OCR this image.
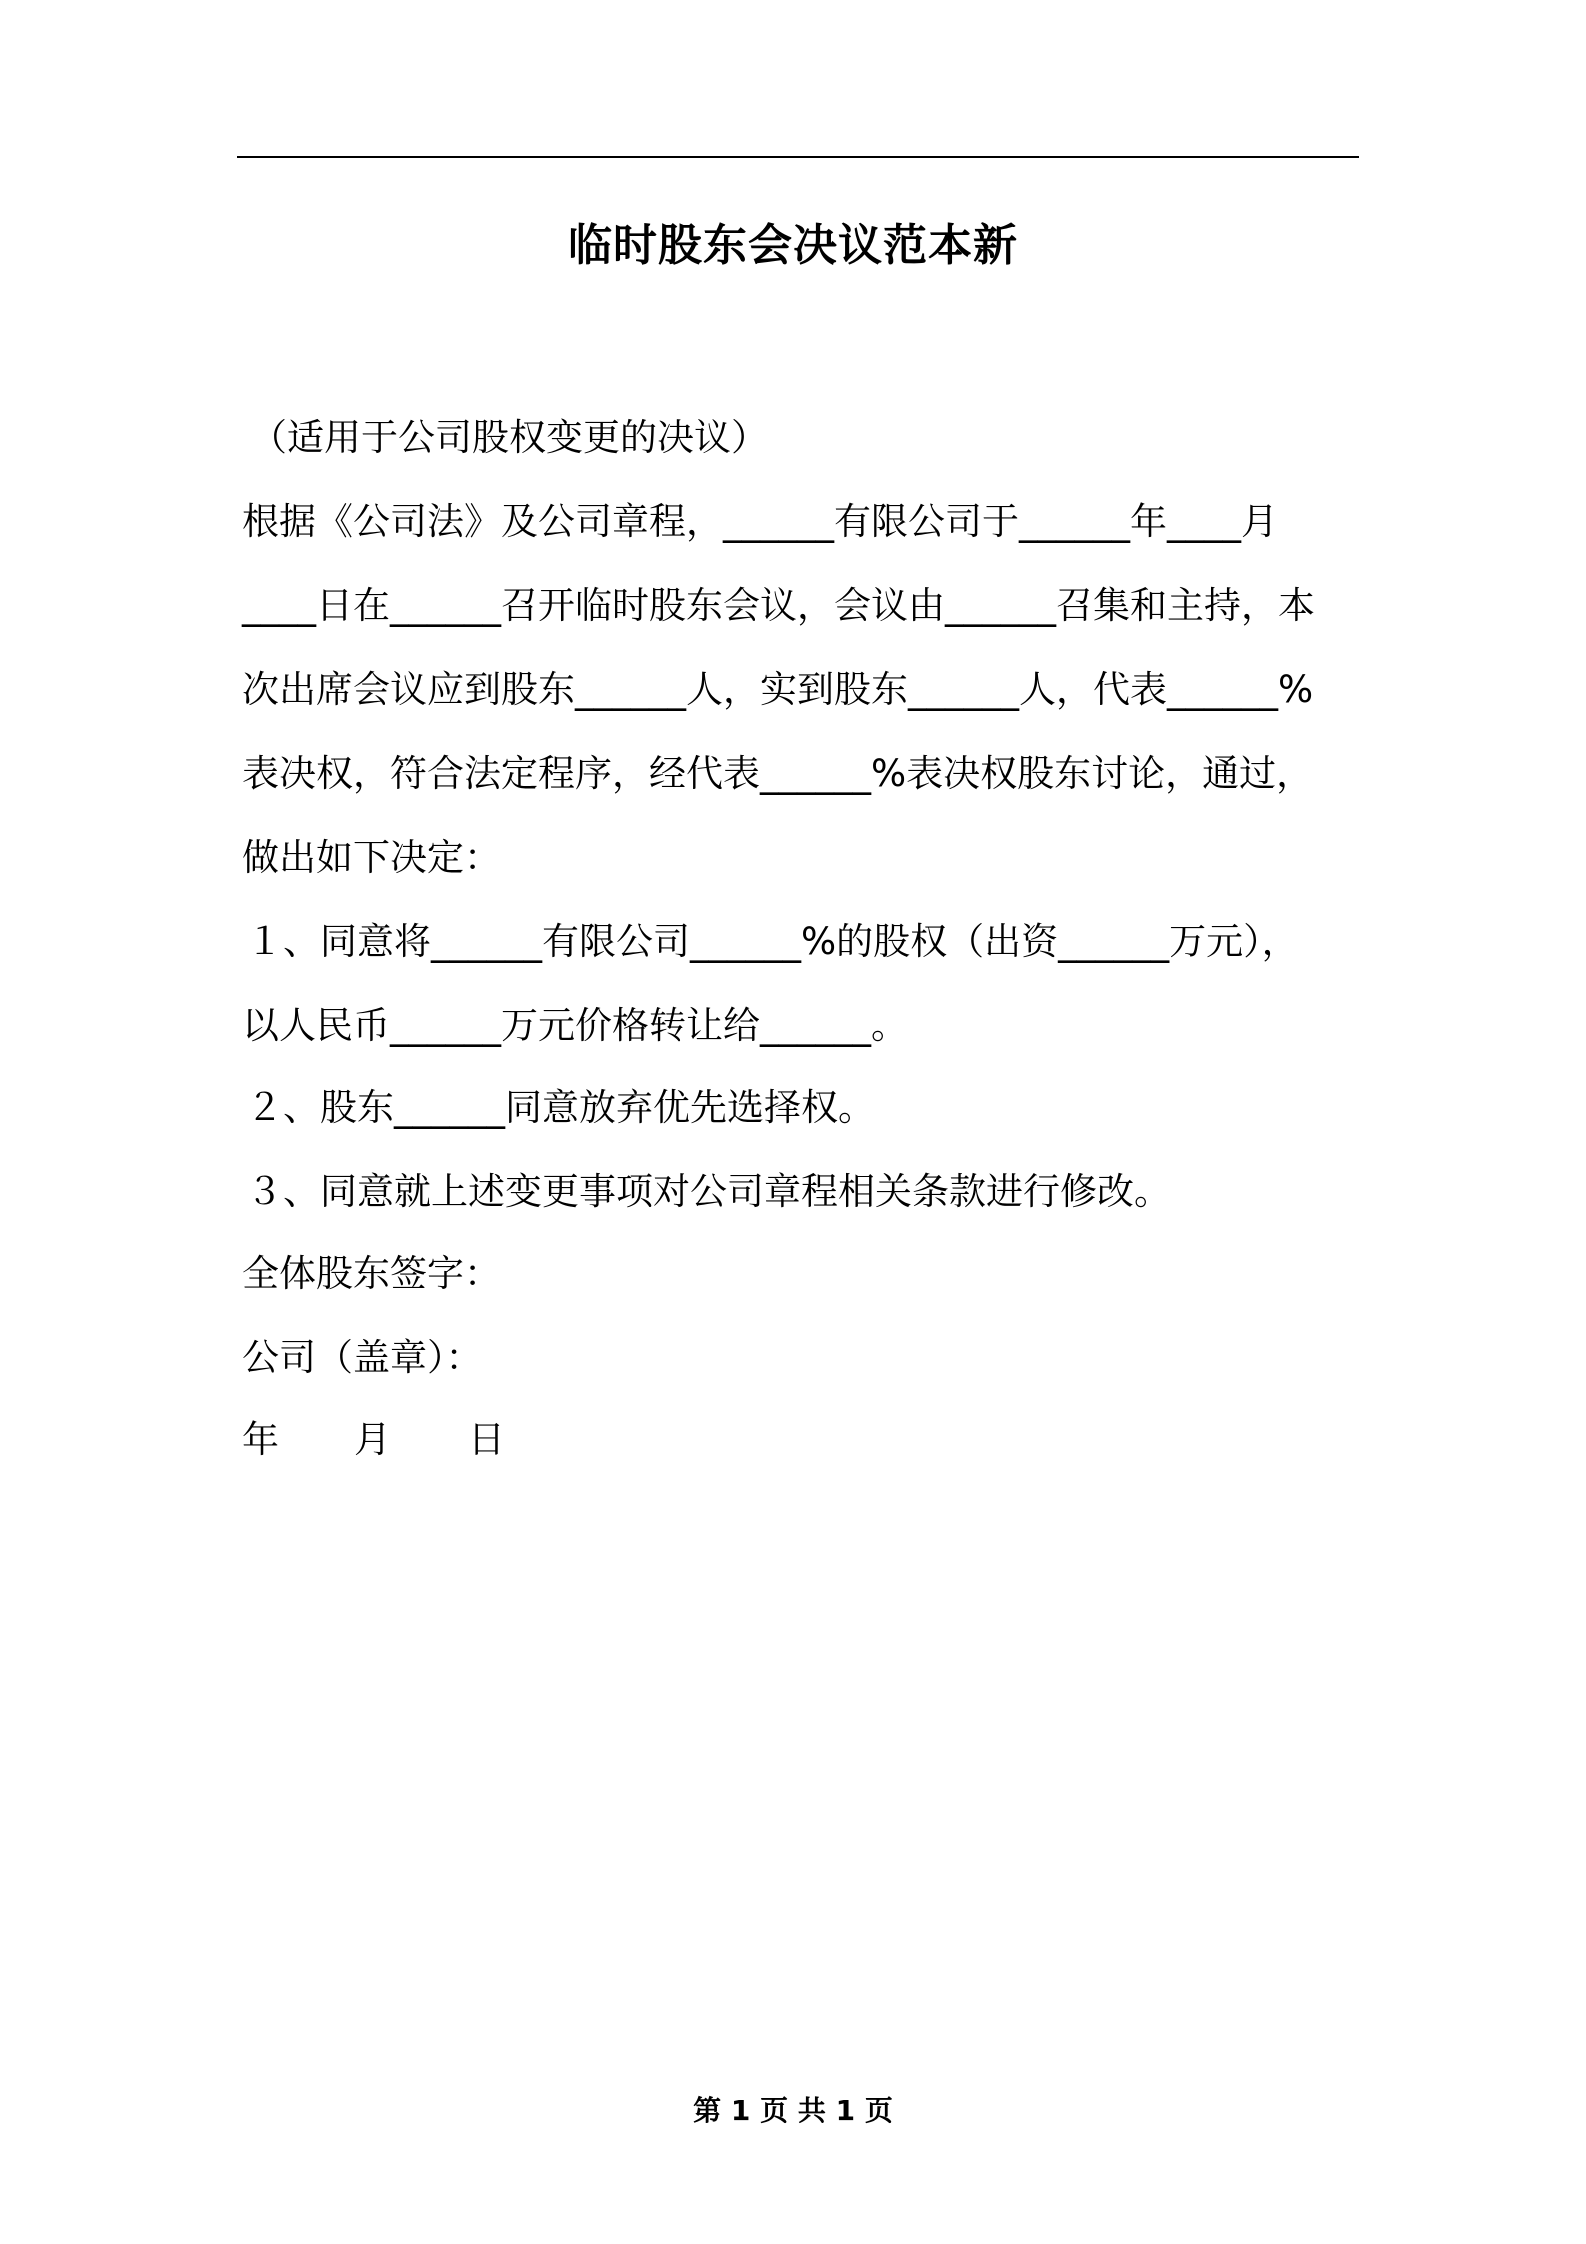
临时股东会决议范本新
（适用于公司股权变更的决议）
根据《公司法》及公司章程，______有限公司于______年____月
____日在______召开临时股东会议，会议由______召集和主持，本
次出席会议应到股东______人，实到股东______人，代表______%
表决权，符合法定程序，经代表______%表决权股东讨论，通过，
做出如下决定：
１、同意将______有限公司______%的股权（出资______万元），
以人民币______万元价格转让给______。
２、股东______同意放弃优先选择权。
３、同意就上述变更事项对公司章程相关条款进行修改。
全体股东签字：
公司（盖章）：
年 月 日
第 1 页 共 1 页
